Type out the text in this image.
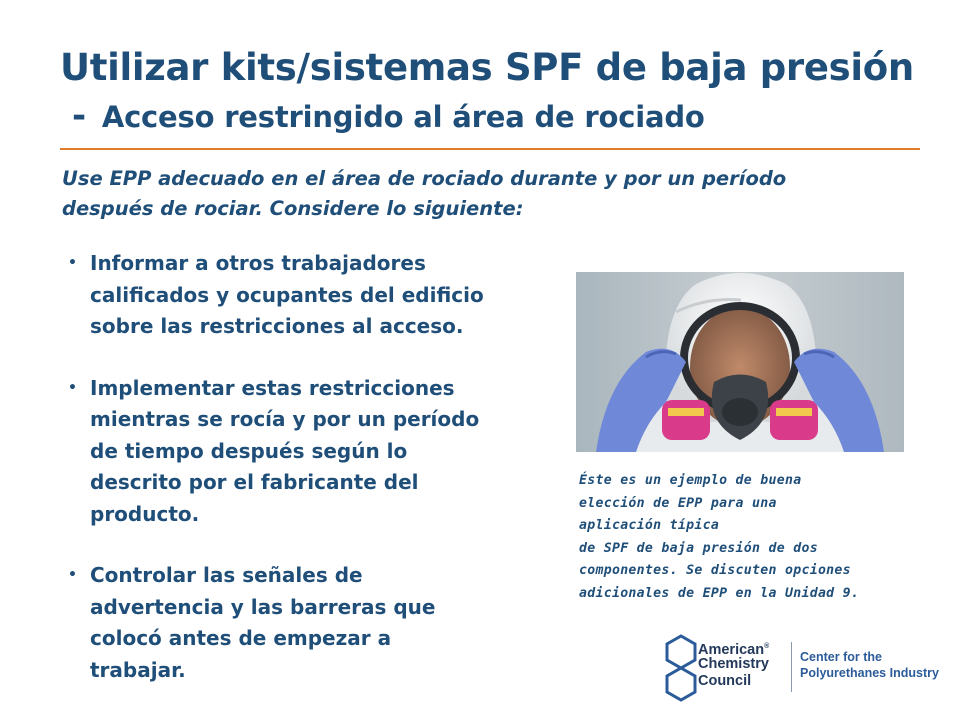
Utilizar kits/sistemas SPF de baja presión
- Acceso restringido al área de rociado
Use EPP adecuado en el área de rociado durante y por un período
después de rociar. Considere lo siguiente:
• Informar a otros trabajadores
calificados y ocupantes del edificio
sobre las restricciones al acceso.
• Implementar estas restricciones
mientras se rocía y por un período
de tiempo después según lo
descrito por el fabricante del
producto.
• Controlar las señales de
advertencia y las barreras que
colocó antes de empezar a
trabajar.
Éste es un ejemplo de buena
elección de EPP para una
aplicación típica
de SPF de baja presión de dos
componentes. Se discuten opciones
adicionales de EPP en la Unidad 9.
American®
Chemistry
Council
Center for the
Polyurethanes Industry
